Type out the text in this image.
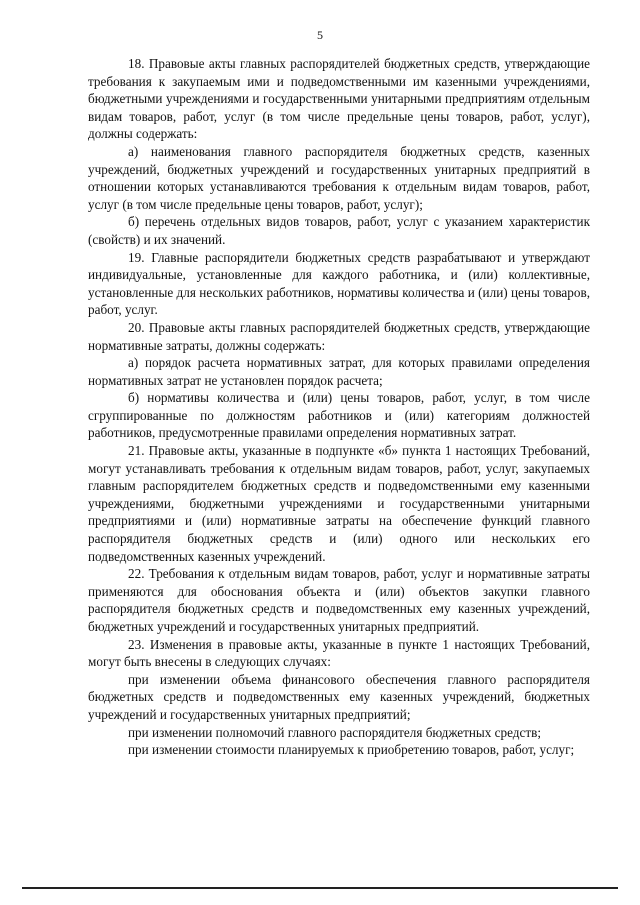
5

18. Правовые акты главных распорядителей бюджетных средств, утверждающие требования к закупаемым ими и подведомственными им казенными учреждениями, бюджетными учреждениями и государственными унитарными предприятиям отдельным видам товаров, работ, услуг (в том числе предельные цены товаров, работ, услуг), должны содержать:

а) наименования главного распорядителя бюджетных средств, казенных учреждений, бюджетных учреждений и государственных унитарных предприятий в отношении которых устанавливаются требования к отдельным видам товаров, работ, услуг (в том числе предельные цены товаров, работ, услуг);

б) перечень отдельных видов товаров, работ, услуг с указанием характеристик (свойств) и их значений.

19. Главные распорядители бюджетных средств разрабатывают и утверждают индивидуальные, установленные для каждого работника, и (или) коллективные, установленные для нескольких работников, нормативы количества и (или) цены товаров, работ, услуг.

20. Правовые акты главных распорядителей бюджетных средств, утверждающие нормативные затраты, должны содержать:

а) порядок расчета нормативных затрат, для которых правилами определения нормативных затрат не установлен порядок расчета;

б) нормативы количества и (или) цены товаров, работ, услуг, в том числе сгруппированные по должностям работников и (или) категориям должностей работников, предусмотренные правилами определения нормативных затрат.

21. Правовые акты, указанные в подпункте «б» пункта 1 настоящих Требований, могут устанавливать требования к отдельным видам товаров, работ, услуг, закупаемых главным распорядителем бюджетных средств и подведомственными ему казенными учреждениями, бюджетными учреждениями и государственными унитарными предприятиями и (или) нормативные затраты на обеспечение функций главного распорядителя бюджетных средств и (или) одного или нескольких его подведомственных казенных учреждений.

22. Требования к отдельным видам товаров, работ, услуг и нормативные затраты применяются для обоснования объекта и (или) объектов закупки главного распорядителя бюджетных средств и подведомственных ему казенных учреждений, бюджетных учреждений и государственных унитарных предприятий.

23. Изменения в правовые акты, указанные в пункте 1 настоящих Требований, могут быть внесены в следующих случаях:

при изменении объема финансового обеспечения главного распорядителя бюджетных средств и подведомственных ему казенных учреждений, бюджетных учреждений и государственных унитарных предприятий;

при изменении полномочий главного распорядителя бюджетных средств;

при изменении стоимости планируемых к приобретению товаров, работ, услуг;
